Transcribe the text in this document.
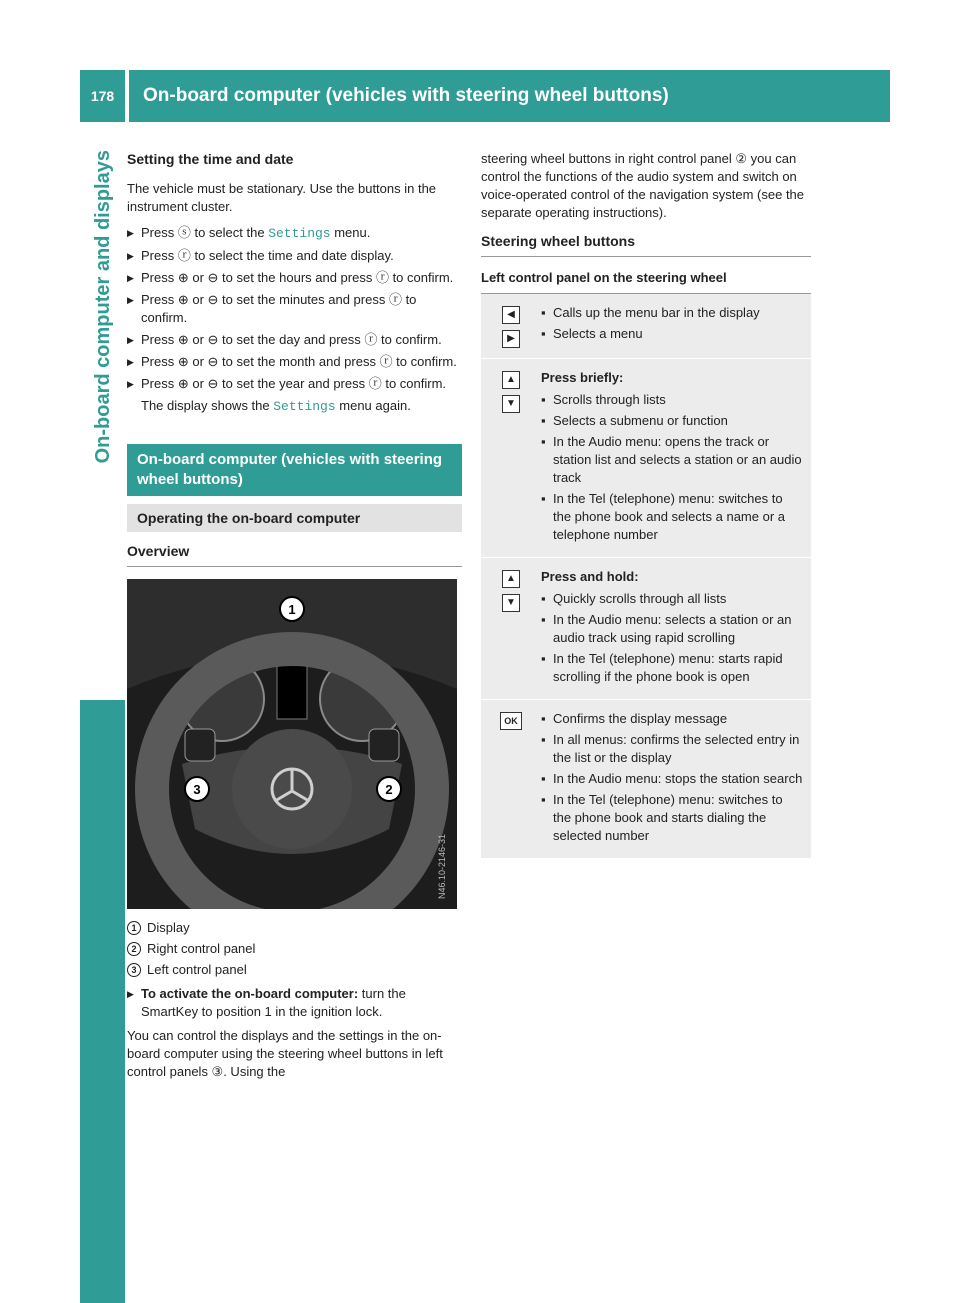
178	On-board computer (vehicles with steering wheel buttons)
On-board computer and displays Setting the time and date

The vehicle must be stationary. Use the buttons in the instrument cluster.

▶ Press ⓢ to select the Settings menu.
▶ Press ⓡ to select the time and date display.
▶ Press ⊕ or ⊖ to set the hours and press ⓡ to confirm.
▶ Press ⊕ or ⊖ to set the minutes and press ⓡ to confirm.
▶ Press ⊕ or ⊖ to set the day and press ⓡ to confirm.
▶ Press ⊕ or ⊖ to set the month and press ⓡ to confirm.
▶ Press ⊕ or ⊖ to set the year and press ⓡ to confirm.
The display shows the Settings menu again.
On-board computer (vehicles with steering wheel buttons)
Operating the on-board computer
Overview
1
3	2
N46.10-2146-31
1 Display
2 Right control panel
3 Left control panel
▶ To activate the on-board computer: turn the SmartKey to position 1 in the ignition lock.

You can control the displays and the settings in the on-board computer using the steering wheel buttons in left control panels ③. Using the

steering wheel buttons in right control panel ② you can control the functions of the audio system and switch on voice-operated control of the navigation system (see the separate operating instructions).

Steering wheel buttons
Left control panel on the steering wheel
◀
▶
▪ Calls up the menu bar in the display
▪ Selects a menu
▲
▼
Press briefly:
▪ Scrolls through lists
▪ Selects a submenu or function
▪ In the Audio menu: opens the track or station list and selects a station or an audio track
▪ In the Tel (telephone) menu: switches to the phone book and selects a name or a telephone number
▲
▼
Press and hold:
▪ Quickly scrolls through all lists
▪ In the Audio menu: selects a station or an audio track using rapid scrolling
▪ In the Tel (telephone) menu: starts rapid scrolling if the phone book is open
OK
▪	Confirms the display message
▪ In all menus: confirms the selected entry in the list or the display
▪ In the Audio menu: stops the station search
▪ In the Tel (telephone) menu: switches to the phone book and starts dialing the selected number
